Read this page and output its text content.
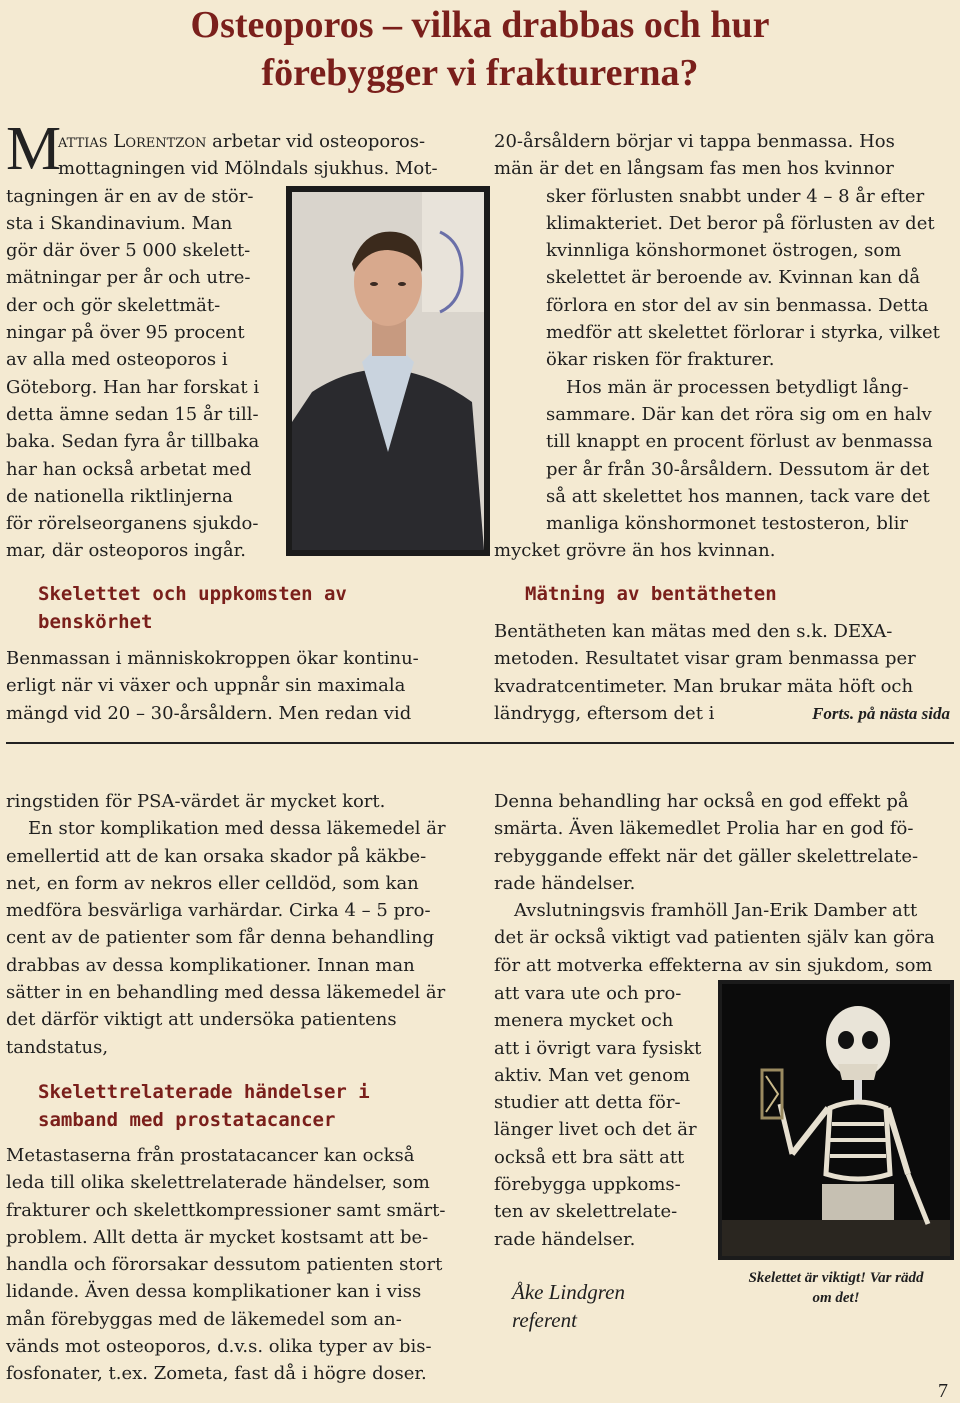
Osteoporos – vilka drabbas och hur
förebygger vi frakturerna?
M
attias Lorentzon arbetar vid osteoporos-
mottagningen vid Mölndals sjukhus. Mot-
tagningen är en av de stör-
sta i Skandinavium. Man
gör där över 5 000 skelett-
mätningar per år och utre-
der och gör skelettmät-
ningar på över 95 procent
av alla med osteoporos i
Göteborg. Han har forskat i
detta ämne sedan 15 år till-
baka. Sedan fyra år tillbaka
har han också arbetat med
de nationella riktlinjerna
för rörelseorganens sjukdo-
mar, där osteoporos ingår.
Skelettet och uppkomsten av
benskörhet
Benmassan i människokroppen ökar kontinu-
erligt när vi växer och uppnår sin maximala
mängd vid 20 – 30-årsåldern. Men redan vid
20-årsåldern börjar vi tappa benmassa. Hos
män är det en långsam fas men hos kvinnor
sker förlusten snabbt under 4 – 8 år efter
klimakteriet. Det beror på förlusten av det
kvinnliga könshormonet östrogen, som
skelettet är beroende av. Kvinnan kan då
förlora en stor del av sin benmassa. Detta
medför att skelettet förlorar i styrka, vilket
ökar risken för frakturer.
Hos män är processen betydligt lång-
sammare. Där kan det röra sig om en halv
till knappt en procent förlust av benmassa
per år från 30-årsåldern. Dessutom är det
så att skelettet hos mannen, tack vare det
manliga könshormonet testosteron, blir
mycket grövre än hos kvinnan.
Mätning av bentätheten
Bentätheten kan mätas med den s.k. DEXA-
metoden. Resultatet visar gram benmassa per
kvadratcentimeter. Man brukar mäta höft och
ländrygg, eftersom det i	Forts. på nästa sida
ringstiden för PSA-värdet är mycket kort.
En stor komplikation med dessa läkemedel är
emellertid att de kan orsaka skador på käkbe-
net, en form av nekros eller celldöd, som kan
medföra besvärliga varhärdar. Cirka 4 – 5 pro-
cent av de patienter som får denna behandling
drabbas av dessa komplikationer. Innan man
sätter in en behandling med dessa läkemedel är
det därför viktigt att undersöka patientens
tandstatus,
Skelettrelaterade händelser i
samband med prostatacancer
Metastaserna från prostatacancer kan också
leda till olika skelettrelaterade händelser, som
frakturer och skelettkompressioner samt smärt-
problem. Allt detta är mycket kostsamt att be-
handla och förorsakar dessutom patienten stort
lidande. Även dessa komplikationer kan i viss
mån förebyggas med de läkemedel som an-
vänds mot osteoporos, d.v.s. olika typer av bis-
fosfonater, t.ex. Zometa, fast då i högre doser.
Denna behandling har också en god effekt på
smärta. Även läkemedlet Prolia har en god fö-
rebyggande effekt när det gäller skelettrelate-
rade händelser.
Avslutningsvis framhöll Jan-Erik Damber att
det är också viktigt vad patienten själv kan göra
för att motverka effekterna av sin sjukdom, som
att vara ute och pro-
menera mycket och
att i övrigt vara fysiskt
aktiv. Man vet genom
studier att detta för-
länger livet och det är
också ett bra sätt att
förebygga uppkoms-
ten av skelettrelate-
rade händelser.
Åke Lindgren
referent
Skelettet är viktigt! Var rädd
om det!
7
